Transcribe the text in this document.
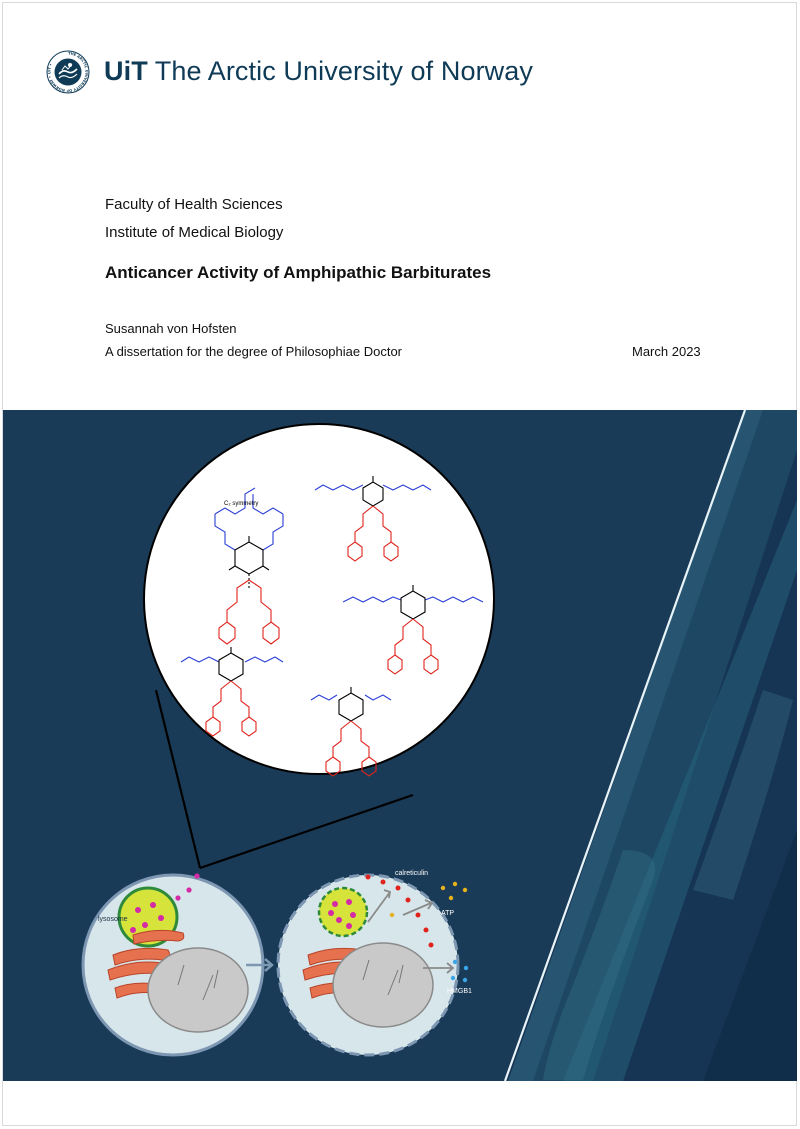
THE ARCTIC UNIVERSITY OF NORWAY • UiT •	UiT The Arctic University of Norway
Faculty of Health Sciences
Institute of Medical Biology
Anticancer Activity of Amphipathic Barbiturates
Susannah von Hofsten
A dissertation for the degree of Philosophiae Doctor	March 2023
C₂ symmetry
lysosome
calreticulin
ATP
HMGB1
